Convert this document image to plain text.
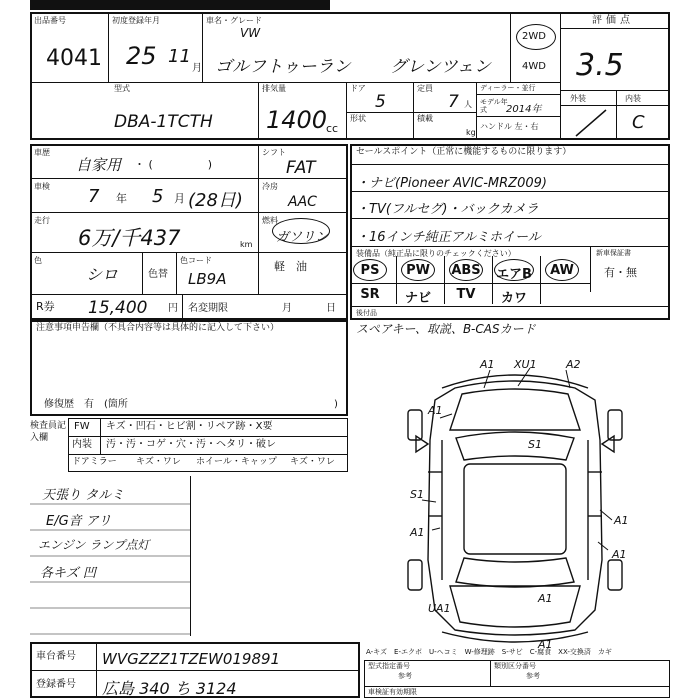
出品番号
4041
初度登録年月
25 11
月
車名・グレード
VW
ゴルフトゥーラン グレンツェン
2WD
4WD
評価点
3.5
外装	内装
C
型式
DBA-1TCTH
排気量
1400
cc
ドア
5
定員
7 人
形状	積載
kg
ディーラー・並行
モデル年式	2014年
ハンドル 左・右
車歴
自家用 ・ (　　　　　)
シフト
FAT
車検 7 年 5 月 (28日)
冷房
AAC
走行
6万/千437	km
燃料
ガソリン
色
シロ	色替
色コード
LB9A
軽　油
R券 15,400 円 名変期限	月	日
セールスポイント（正常に機能するものに限ります）
・ナビ(Pioneer AVIC-MRZ009)
・TV(フルセグ)・バックカメラ
・16インチ純正アルミホイール
装備品（純正品に限りのチェックください）	新車保証書
有・無
PS	PW	ABS	エアB	AW
SR	ナビ	TV	カワ
後付品
スペアキー、取説、B-CASカード
注意事項申告欄（不具合内容等は具体的に記入して下さい）
修復歴　有　(箇所	)
検査員記入欄
FW キズ・凹石・ヒビ割・リペア跡・X要
内装 汚・汚・コゲ・穴・汚・ヘタリ・破レ
ドアミラー キズ・ワレ ホイール・キャップ キズ・ワレ
天張り タルミ
E/G音 アリ
エンジン ランプ点灯
各キズ 凹
A1 XU1	A2
A1
S1
S1
A1
A1
A1
UA1
A1
A1
A-キズ　E-エクボ　U-ヘコミ　W-修理跡　S-サビ　C-腐食　XX-交換済　カギ
車台番号 WVGZZZ1TZEW019891
登録番号 広島 340 ち 3124
型式指定番号
参考
類別区分番号
参考
車検証有効期限
